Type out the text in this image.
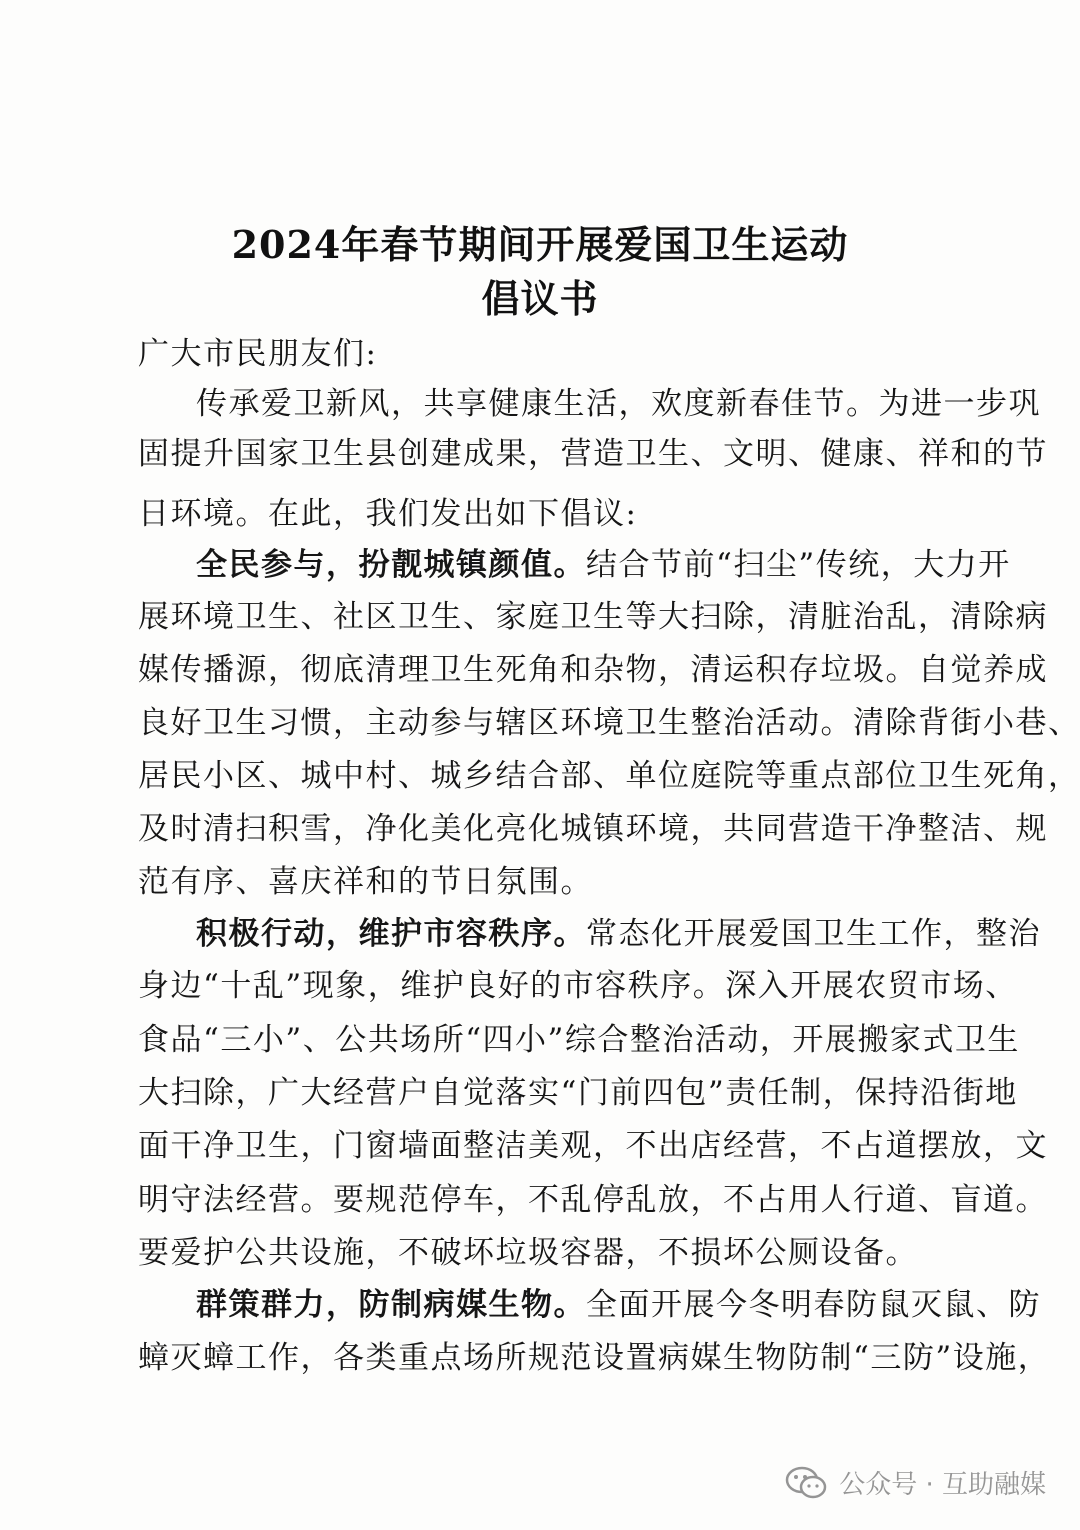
2024年春节期间开展爱国卫生运动
倡议书
广大市民朋友们:
传承爱卫新风，共享健康生活，欢度新春佳节。为进一步巩
固提升国家卫生县创建成果，营造卫生、文明、健康、祥和的节
日环境。在此，我们发出如下倡议:
全民参与，扮靓城镇颜值。结合节前“扫尘”传统，大力开
展环境卫生、社区卫生、家庭卫生等大扫除，清脏治乱，清除病
媒传播源，彻底清理卫生死角和杂物，清运积存垃圾。自觉养成
良好卫生习惯，主动参与辖区环境卫生整治活动。清除背街小巷、
居民小区、城中村、城乡结合部、单位庭院等重点部位卫生死角，
及时清扫积雪，净化美化亮化城镇环境，共同营造干净整洁、规
范有序、喜庆祥和的节日氛围。
积极行动，维护市容秩序。常态化开展爱国卫生工作，整治
身边“十乱”现象，维护良好的市容秩序。深入开展农贸市场、
食品“三小”、公共场所“四小”综合整治活动，开展搬家式卫生
大扫除，广大经营户自觉落实“门前四包”责任制，保持沿街地
面干净卫生，门窗墙面整洁美观，不出店经营，不占道摆放，文
明守法经营。要规范停车，不乱停乱放，不占用人行道、盲道。
要爱护公共设施，不破坏垃圾容器，不损坏公厕设备。
群策群力，防制病媒生物。全面开展今冬明春防鼠灭鼠、防
蟑灭蟑工作，各类重点场所规范设置病媒生物防制“三防”设施，
公众号 · 互助融媒
